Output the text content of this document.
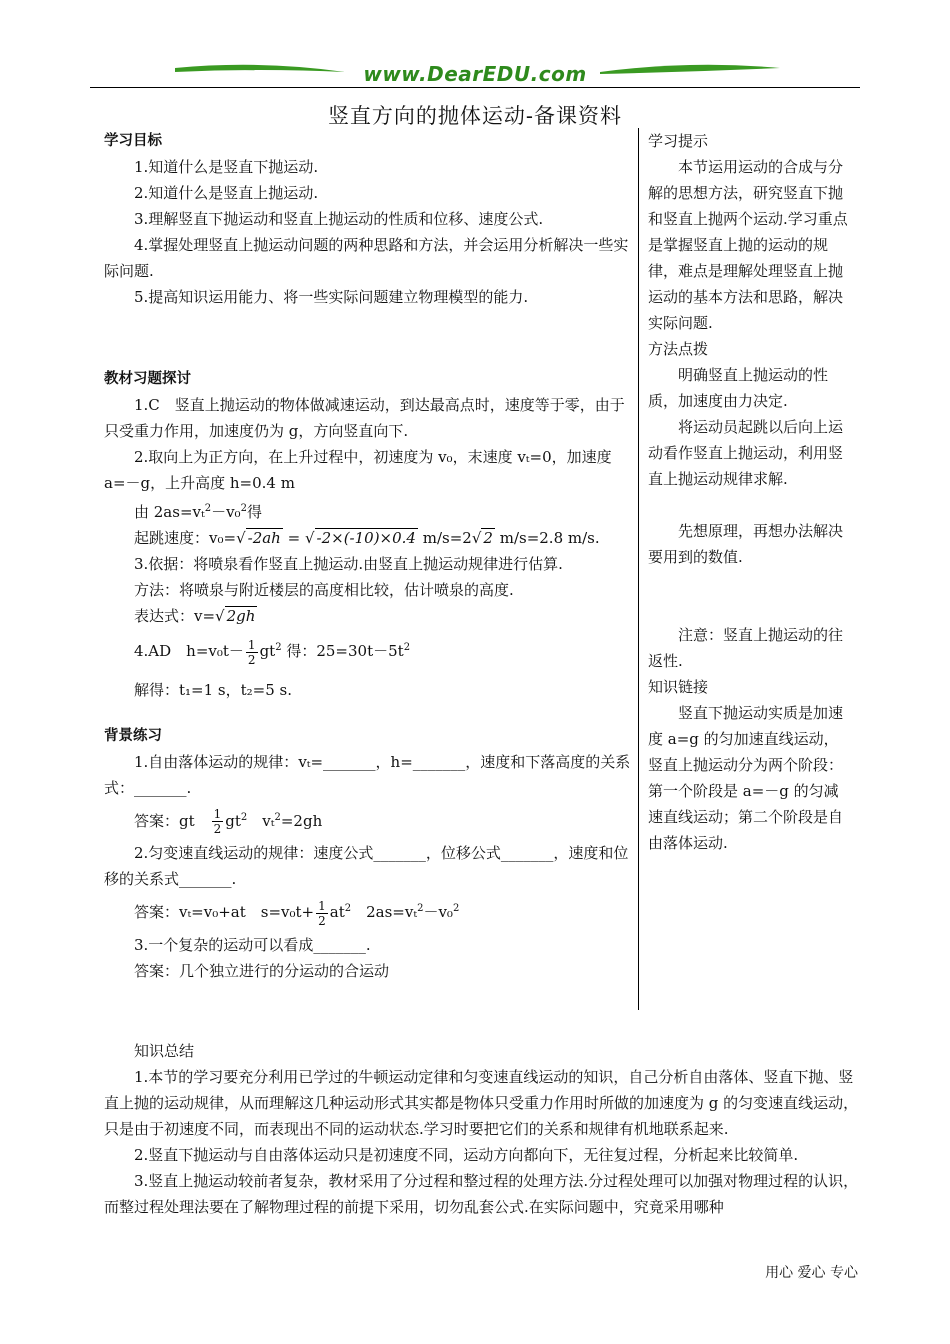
www.DearEDU.com
竖直方向的抛体运动-备课资料
学习目标

1.知道什么是竖直下抛运动.

2.知道什么是竖直上抛运动.

3.理解竖直下抛运动和竖直上抛运动的性质和位移、速度公式.

4.掌握处理竖直上抛运动问题的两种思路和方法，并会运用分析解决一些实际问题.

5.提高知识运用能力、将一些实际问题建立物理模型的能力.

教材习题探讨

1.C　竖直上抛运动的物体做减速运动，到达最高点时，速度等于零，由于只受重力作用，加速度仍为 g，方向竖直向下.

2.取向上为正方向，在上升过程中，初速度为 v₀，末速度 vₜ=0，加速度 a=－g，上升高度 h=0.4 m

由 2as=vₜ$^2$－v₀$^2$得

起跳速度：v₀=√ -2ah = √ -2×(-10)×0.4 m/s=2√ 2 m/s=2.8 m/s.

3.依据：将喷泉看作竖直上抛运动.由竖直上抛运动规律进行估算.

方法：将喷泉与附近楼层的高度相比较，估计喷泉的高度.

表达式：v=√ 2gh

4.AD　$h=v_0t- \frac{1}{2} gt^2$ 得：$25=30t-5t^2$

解得：t₁=1 s，t₂=5 s.

背景练习

1.自由落体运动的规律：vₜ=_______，h=_______，速度和下落高度的关系式：_______.

答案：gt　 $\frac{1}{2} gt^2$　vₜ$^2$=2gh

2.匀变速直线运动的规律：速度公式_______，位移公式_______，速度和位移的关系式_______.

答案：vₜ=v₀+at　$s=v_0t+ \frac{1}{2} at^2$　2as=vₜ$^2$－v₀$^2$

3.一个复杂的运动可以看成_______.

答案：几个独立进行的分运动的合运动

学习提示

本节运用运动的合成与分解的思想方法，研究竖直下抛和竖直上抛两个运动.学习重点是掌握竖直上抛的运动的规律，难点是理解处理竖直上抛运动的基本方法和思路，解决实际问题.

方法点拨

明确竖直上抛运动的性质，加速度由力决定.

将运动员起跳以后向上运动看作竖直上抛运动，利用竖直上抛运动规律求解.

先想原理，再想办法解决要用到的数值.

注意：竖直上抛运动的往返性.

知识链接

竖直下抛运动实质是加速度 a=g 的匀加速直线运动，竖直上抛运动分为两个阶段：第一个阶段是 a=－g 的匀减速直线运动；第二个阶段是自由落体运动.

知识总结

1.本节的学习要充分利用已学过的牛顿运动定律和匀变速直线运动的知识，自己分析自由落体、竖直下抛、竖直上抛的运动规律，从而理解这几种运动形式其实都是物体只受重力作用时所做的加速度为 g 的匀变速直线运动，只是由于初速度不同，而表现出不同的运动状态.学习时要把它们的关系和规律有机地联系起来.

2.竖直下抛运动与自由落体运动只是初速度不同，运动方向都向下，无往复过程，分析起来比较简单.

3.竖直上抛运动较前者复杂，教材采用了分过程和整过程的处理方法.分过程处理可以加强对物理过程的认识，而整过程处理法要在了解物理过程的前提下采用，切勿乱套公式.在实际问题中，究竟采用哪种

用心 爱心 专心
